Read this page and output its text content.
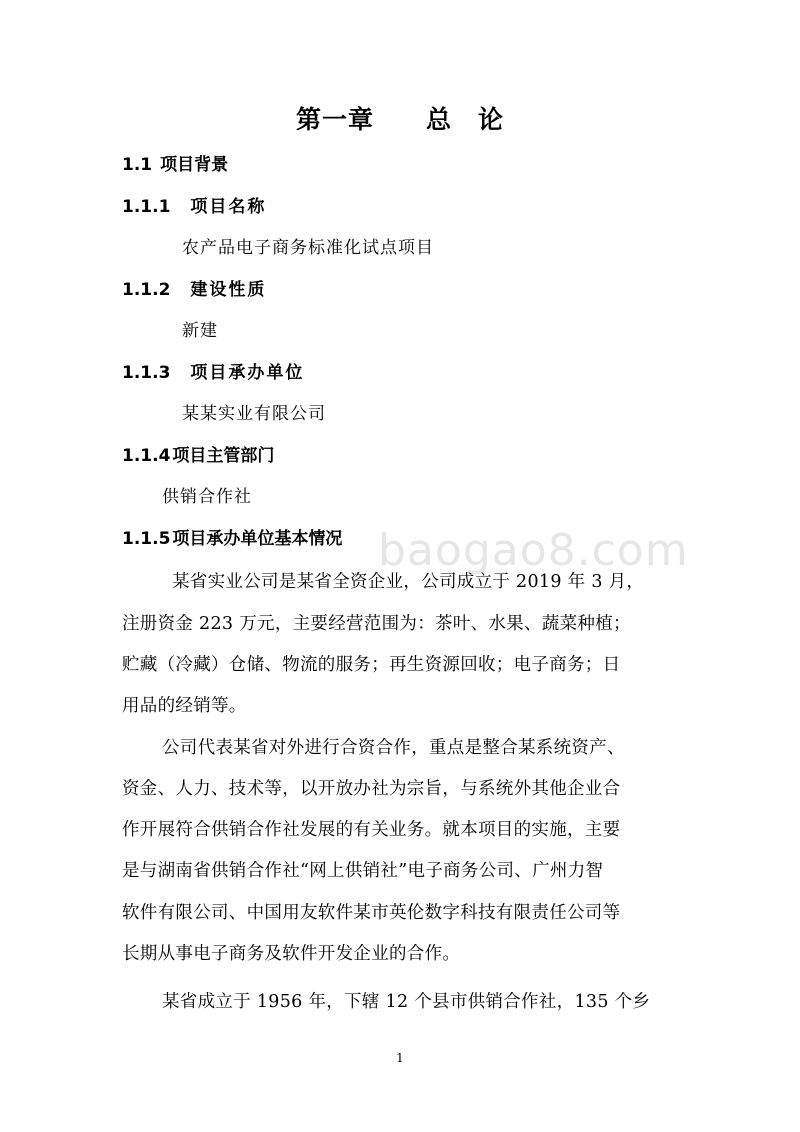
第一章　　总　论
1.1 项目背景
1.1.1 项目名称
农产品电子商务标准化试点项目
1.1.2 建设性质
新建
1.1.3 项目承办单位
某某实业有限公司
1.1.4 项目主管部门
供销合作社
1.1.5 项目承办单位基本情况 baogao8.com
某省实业公司是某省全资企业，公司成立于 2019 年 3 月，
注册资金 223 万元，主要经营范围为：茶叶、水果、蔬菜种植；
贮藏（冷藏）仓储、物流的服务；再生资源回收；电子商务；日
用品的经销等。
公司代表某省对外进行合资合作，重点是整合某系统资产、
资金、人力、技术等，以开放办社为宗旨，与系统外其他企业合
作开展符合供销合作社发展的有关业务。就本项目的实施，主要
是与湖南省供销合作社“网上供销社”电子商务公司、广州力智
软件有限公司、中国用友软件某市英伦数字科技有限责任公司等
长期从事电子商务及软件开发企业的合作。
某省成立于 1956 年，下辖 12 个县市供销合作社，135 个乡
1
